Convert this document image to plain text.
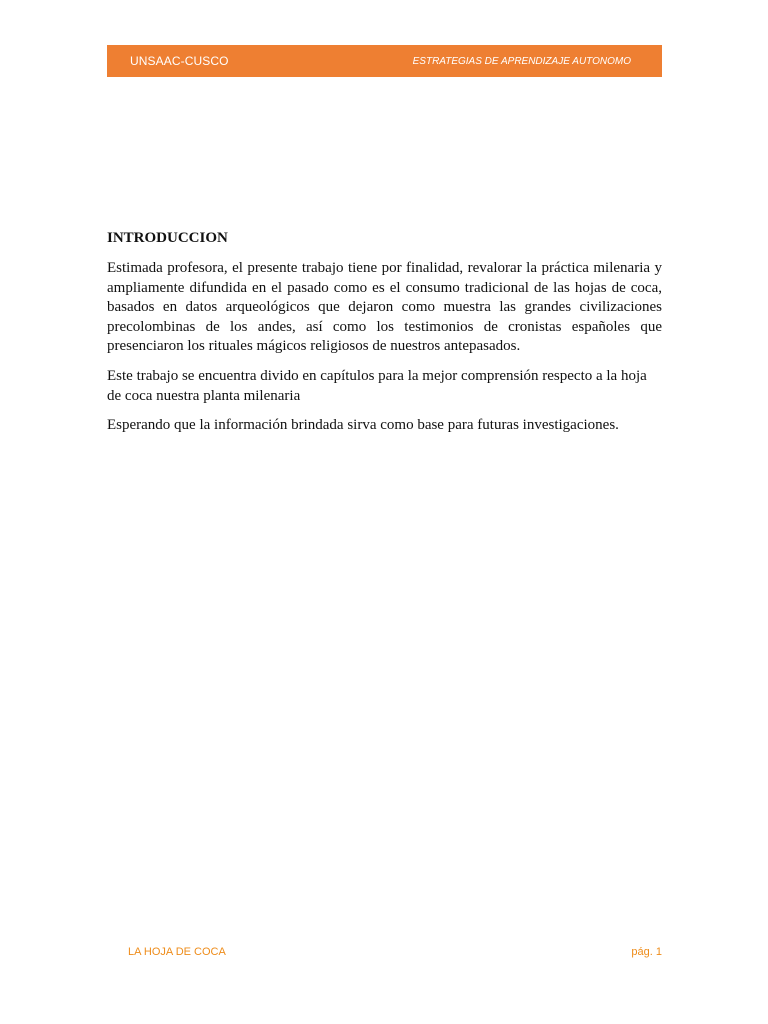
UNSAAC-CUSCO	ESTRATEGIAS DE APRENDIZAJE AUTONOMO
INTRODUCCION

Estimada profesora, el presente trabajo tiene por finalidad, revalorar la práctica milenaria y ampliamente difundida en el pasado como es el consumo tradicional de las hojas de coca, basados en datos arqueológicos que dejaron como muestra las grandes civilizaciones precolombinas de los andes, así como los testimonios de cronistas españoles que presenciaron los rituales mágicos religiosos de nuestros antepasados.

Este trabajo se encuentra divido en capítulos para la mejor comprensión respecto a la hoja de coca nuestra planta milenaria

Esperando que la información brindada sirva como base para futuras investigaciones.

LA HOJA DE COCA	pág. 1
